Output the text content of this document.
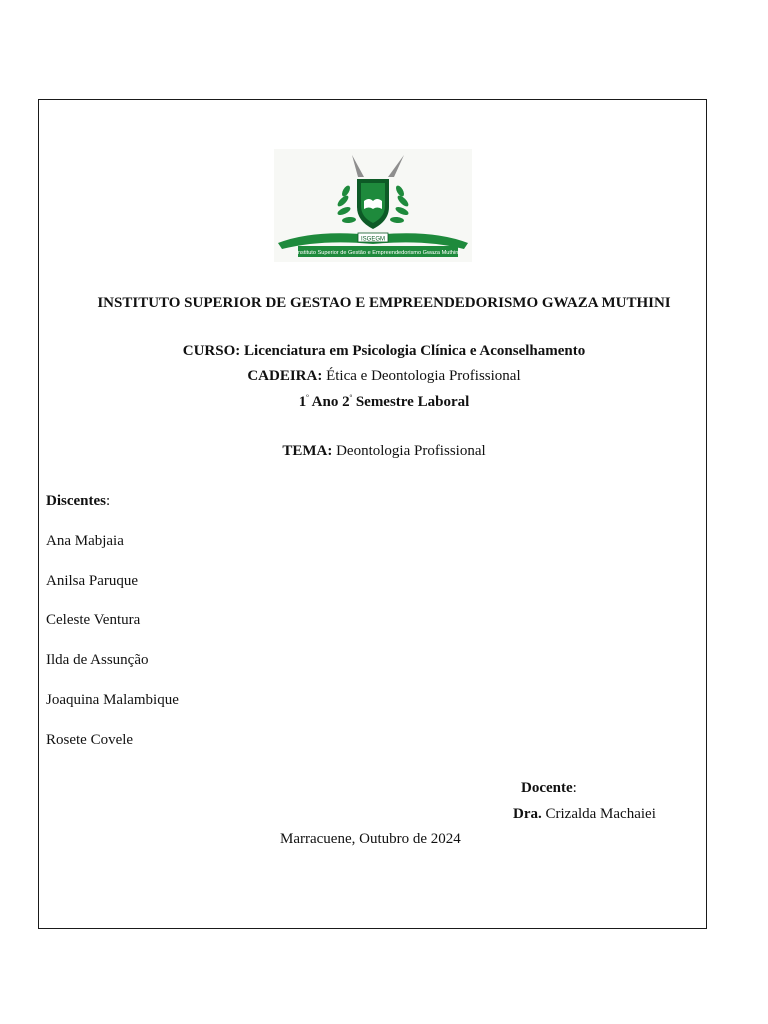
ISGEGM
Instituto Superior de Gestão e Empreendedorismo Gwaza Muthini
INSTITUTO SUPERIOR DE GESTAO E EMPREENDEDORISMO GWAZA MUTHINI
CURSO: Licenciatura em Psicologia Clínica e Aconselhamento
CADEIRA: Ética e Deontologia Profissional
$1^º$ Ano $2^º$ Semestre Laboral
TEMA: Deontologia Profissional
Discentes:
Ana Mabjaia
Anilsa Paruque
Celeste Ventura
Ilda de Assunção
Joaquina Malambique
Rosete Covele
Docente:
Dra. Crizalda Machaiei
Marracuene, Outubro de 2024
